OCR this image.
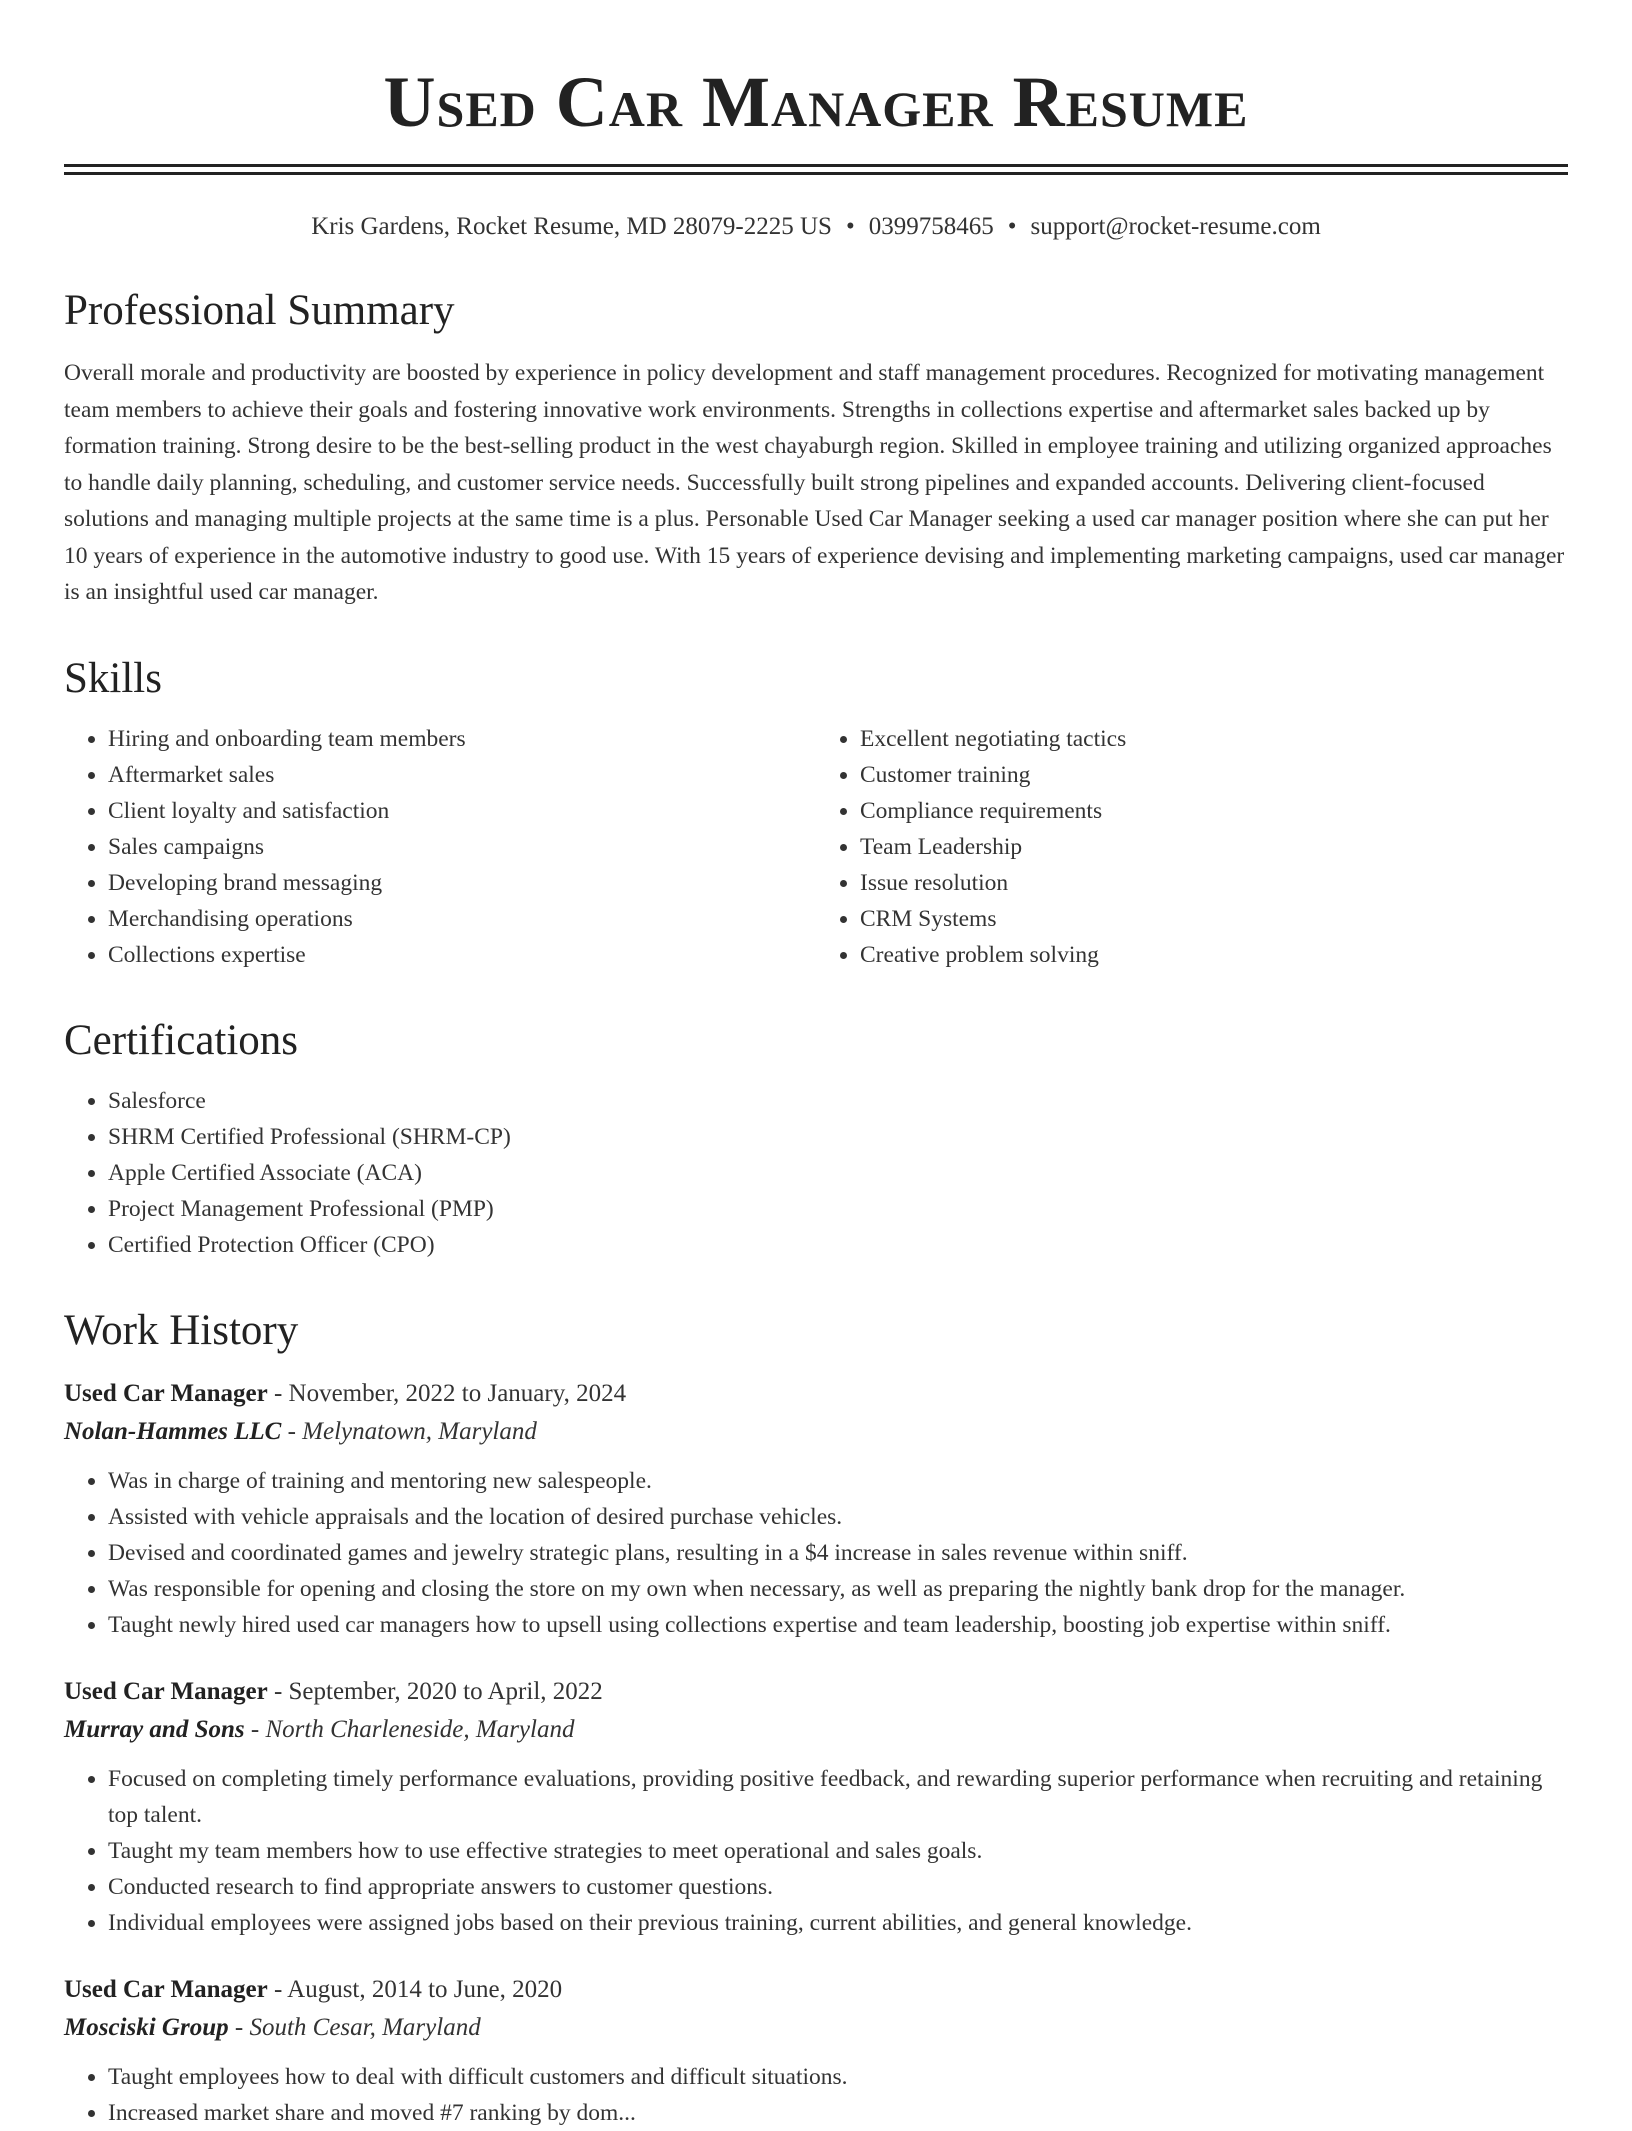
Used Car Manager Resume
Kris Gardens, Rocket Resume, MD 28079-2225 US • 0399758465 • support@rocket-resume.com
Professional Summary

Overall morale and productivity are boosted by experience in policy development and staff management procedures. Recognized for motivating management team members to achieve their goals and fostering innovative work environments. Strengths in collections expertise and aftermarket sales backed up by formation training. Strong desire to be the best-selling product in the west chayaburgh region. Skilled in employee training and utilizing organized approaches to handle daily planning, scheduling, and customer service needs. Successfully built strong pipelines and expanded accounts. Delivering client-focused solutions and managing multiple projects at the same time is a plus. Personable Used Car Manager seeking a used car manager position where she can put her 10 years of experience in the automotive industry to good use. With 15 years of experience devising and implementing marketing campaigns, used car manager is an insightful used car manager.

Skills
• Hiring and onboarding team members
• Aftermarket sales
• Client loyalty and satisfaction
• Sales campaigns
• Developing brand messaging
• Merchandising operations
• Collections expertise
• Excellent negotiating tactics
• Customer training
• Compliance requirements
• Team Leadership
• Issue resolution
• CRM Systems
• Creative problem solving
Certifications
• Salesforce
• SHRM Certified Professional (SHRM-CP)
• Apple Certified Associate (ACA)
• Project Management Professional (PMP)
• Certified Protection Officer (CPO)
Work History
Used Car Manager - November, 2022 to January, 2024
Nolan-Hammes LLC - Melynatown, Maryland
• Was in charge of training and mentoring new salespeople.
• Assisted with vehicle appraisals and the location of desired purchase vehicles.
• Devised and coordinated games and jewelry strategic plans, resulting in a $4 increase in sales revenue within sniff.
• Was responsible for opening and closing the store on my own when necessary, as well as preparing the nightly bank drop for the manager.
• Taught newly hired used car managers how to upsell using collections expertise and team leadership, boosting job expertise within sniff.
Used Car Manager - September, 2020 to April, 2022
Murray and Sons - North Charleneside, Maryland
• Focused on completing timely performance evaluations, providing positive feedback, and rewarding superior performance when recruiting and retaining top talent.
• Taught my team members how to use effective strategies to meet operational and sales goals.
• Conducted research to find appropriate answers to customer questions.
• Individual employees were assigned jobs based on their previous training, current abilities, and general knowledge.
Used Car Manager - August, 2014 to June, 2020
Mosciski Group - South Cesar, Maryland
• Taught employees how to deal with difficult customers and difficult situations.
• Increased market share and moved #7 ranking by dom...
